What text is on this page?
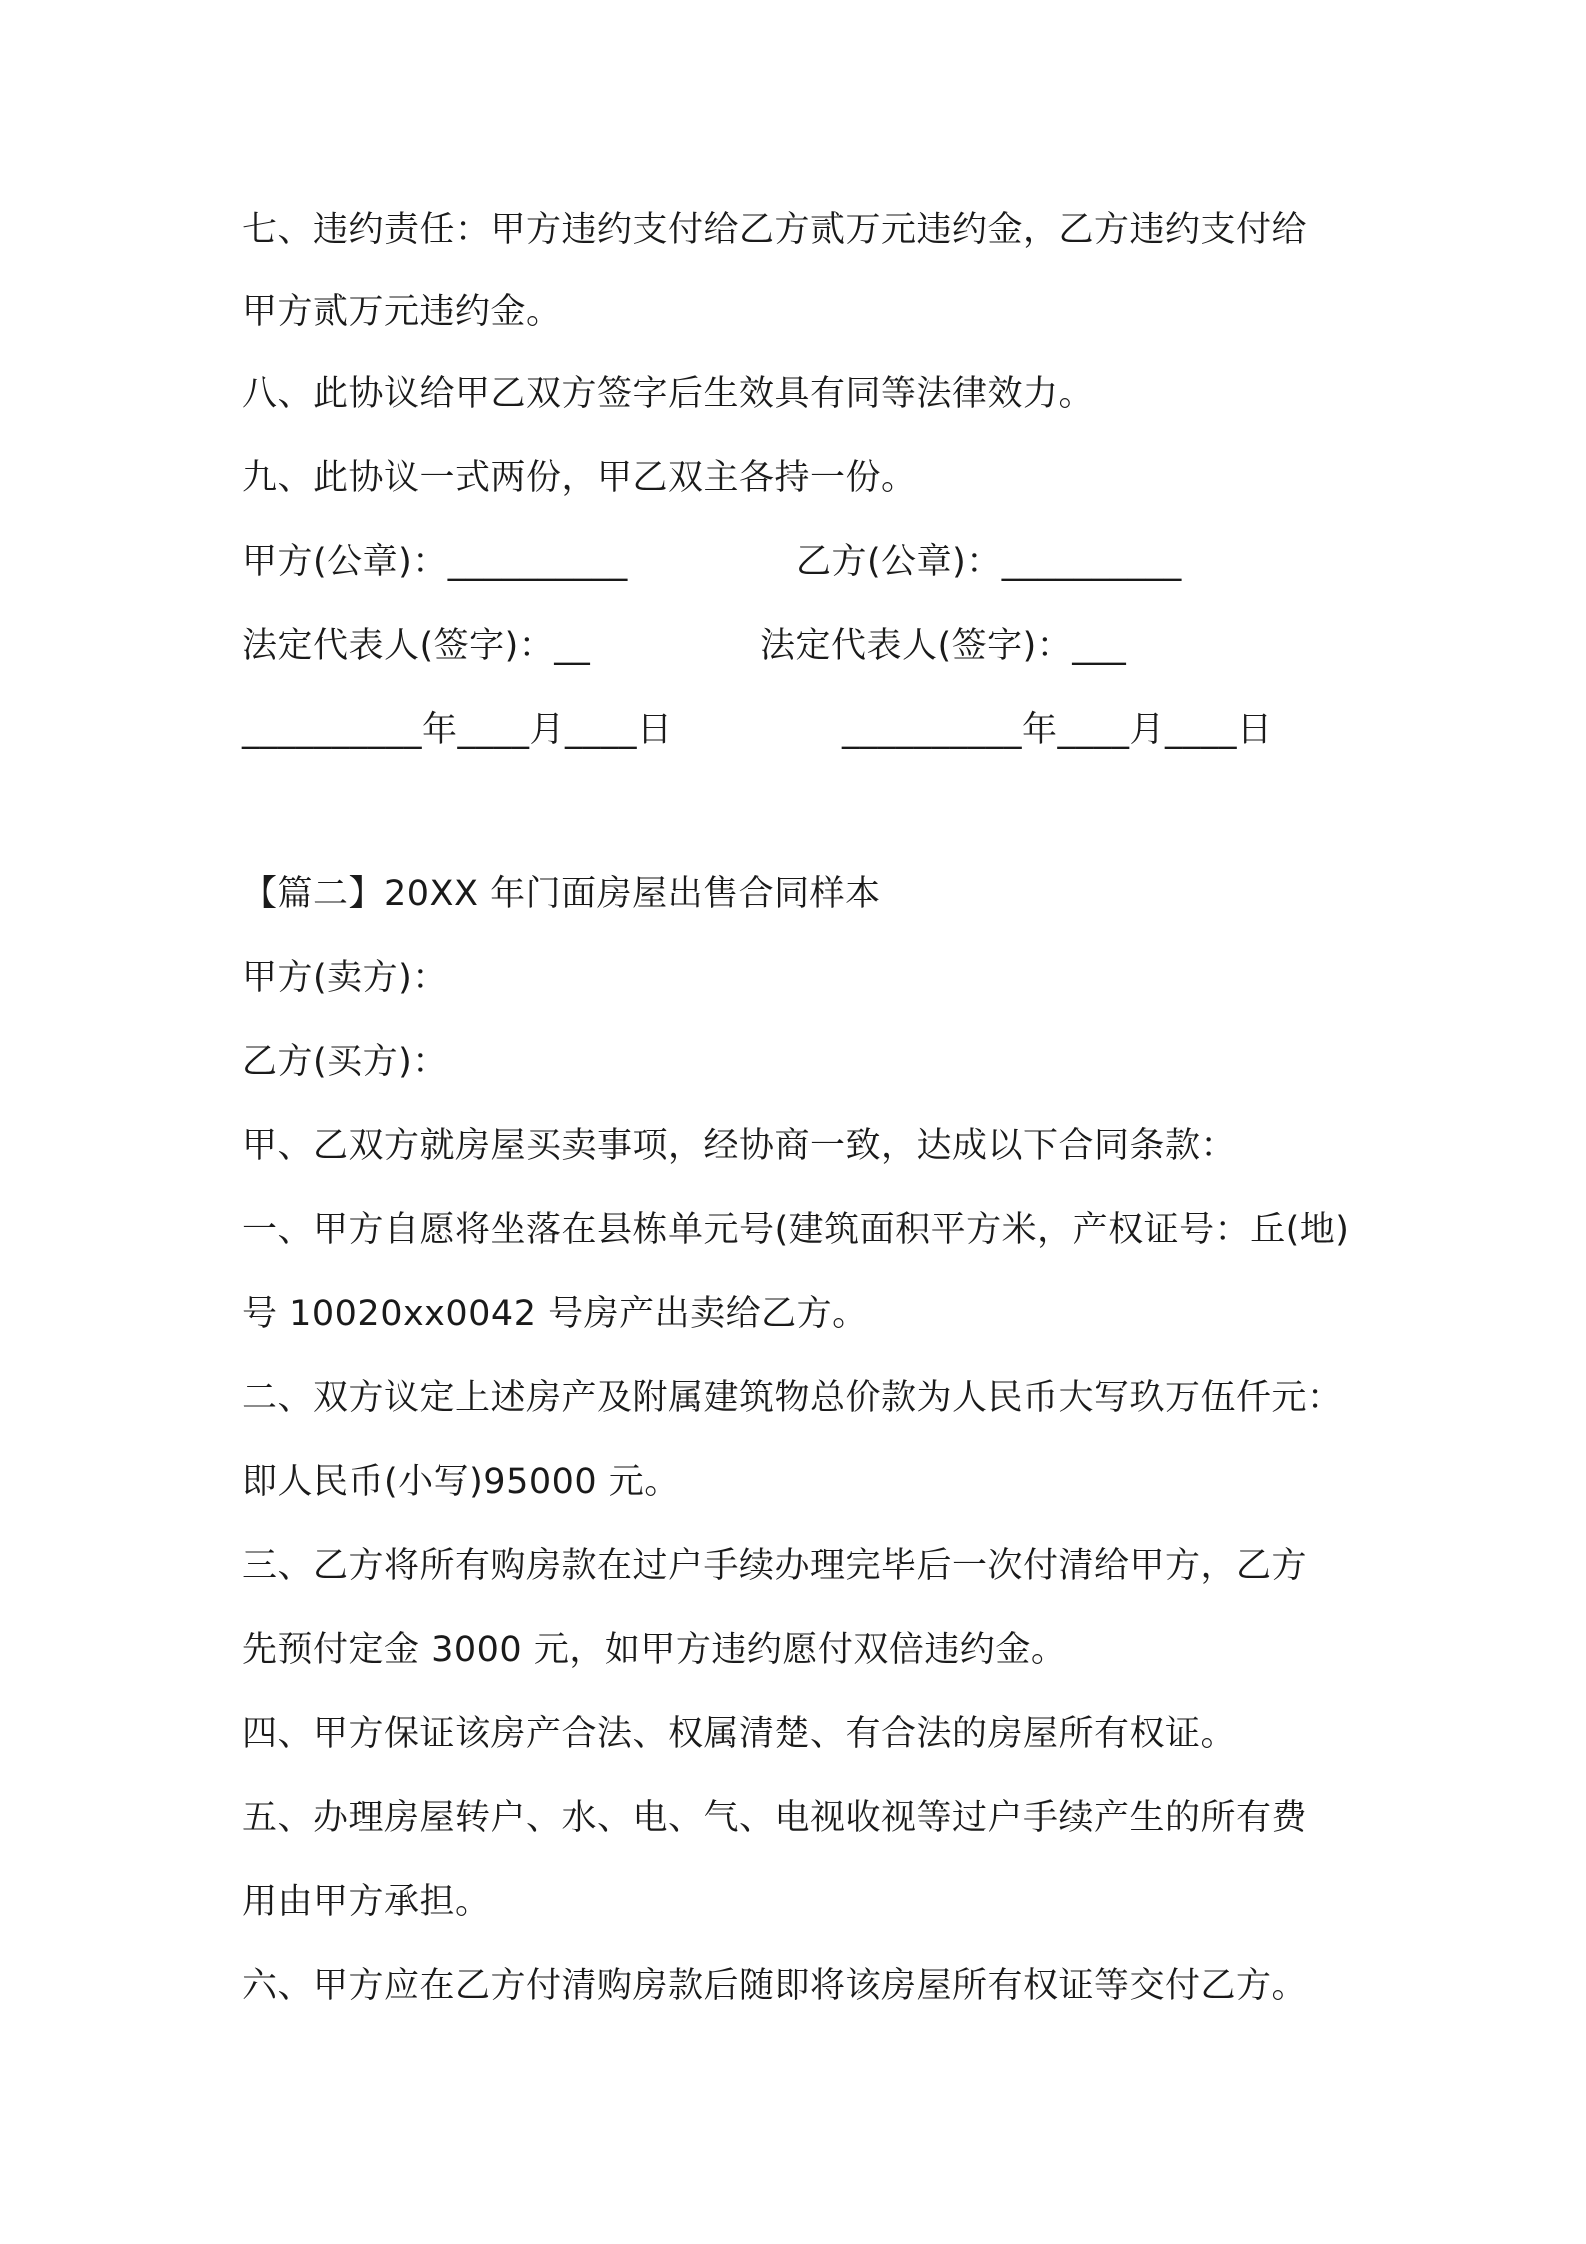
七、违约责任：甲方违约支付给乙方贰万元违约金，乙方违约支付给
甲方贰万元违约金。
八、此协议给甲乙双方签字后生效具有同等法律效力。
九、此协议一式两份，甲乙双主各持一份。
甲方(公章)：__________	乙方(公章)：__________
法定代表人(签字)：__	法定代表人(签字)：___
__________年____月____日	__________年____月____日
【篇二】20XX 年门面房屋出售合同样本
甲方(卖方)：
乙方(买方)：
甲、乙双方就房屋买卖事项，经协商一致，达成以下合同条款：
一、甲方自愿将坐落在县栋单元号(建筑面积平方米，产权证号：丘(地)
号 10020xx0042 号房产出卖给乙方。
二、双方议定上述房产及附属建筑物总价款为人民币大写玖万伍仟元：
即人民币(小写)95000 元。
三、乙方将所有购房款在过户手续办理完毕后一次付清给甲方，乙方
先预付定金 3000 元，如甲方违约愿付双倍违约金。
四、甲方保证该房产合法、权属清楚、有合法的房屋所有权证。
五、办理房屋转户、水、电、气、电视收视等过户手续产生的所有费
用由甲方承担。
六、甲方应在乙方付清购房款后随即将该房屋所有权证等交付乙方。
